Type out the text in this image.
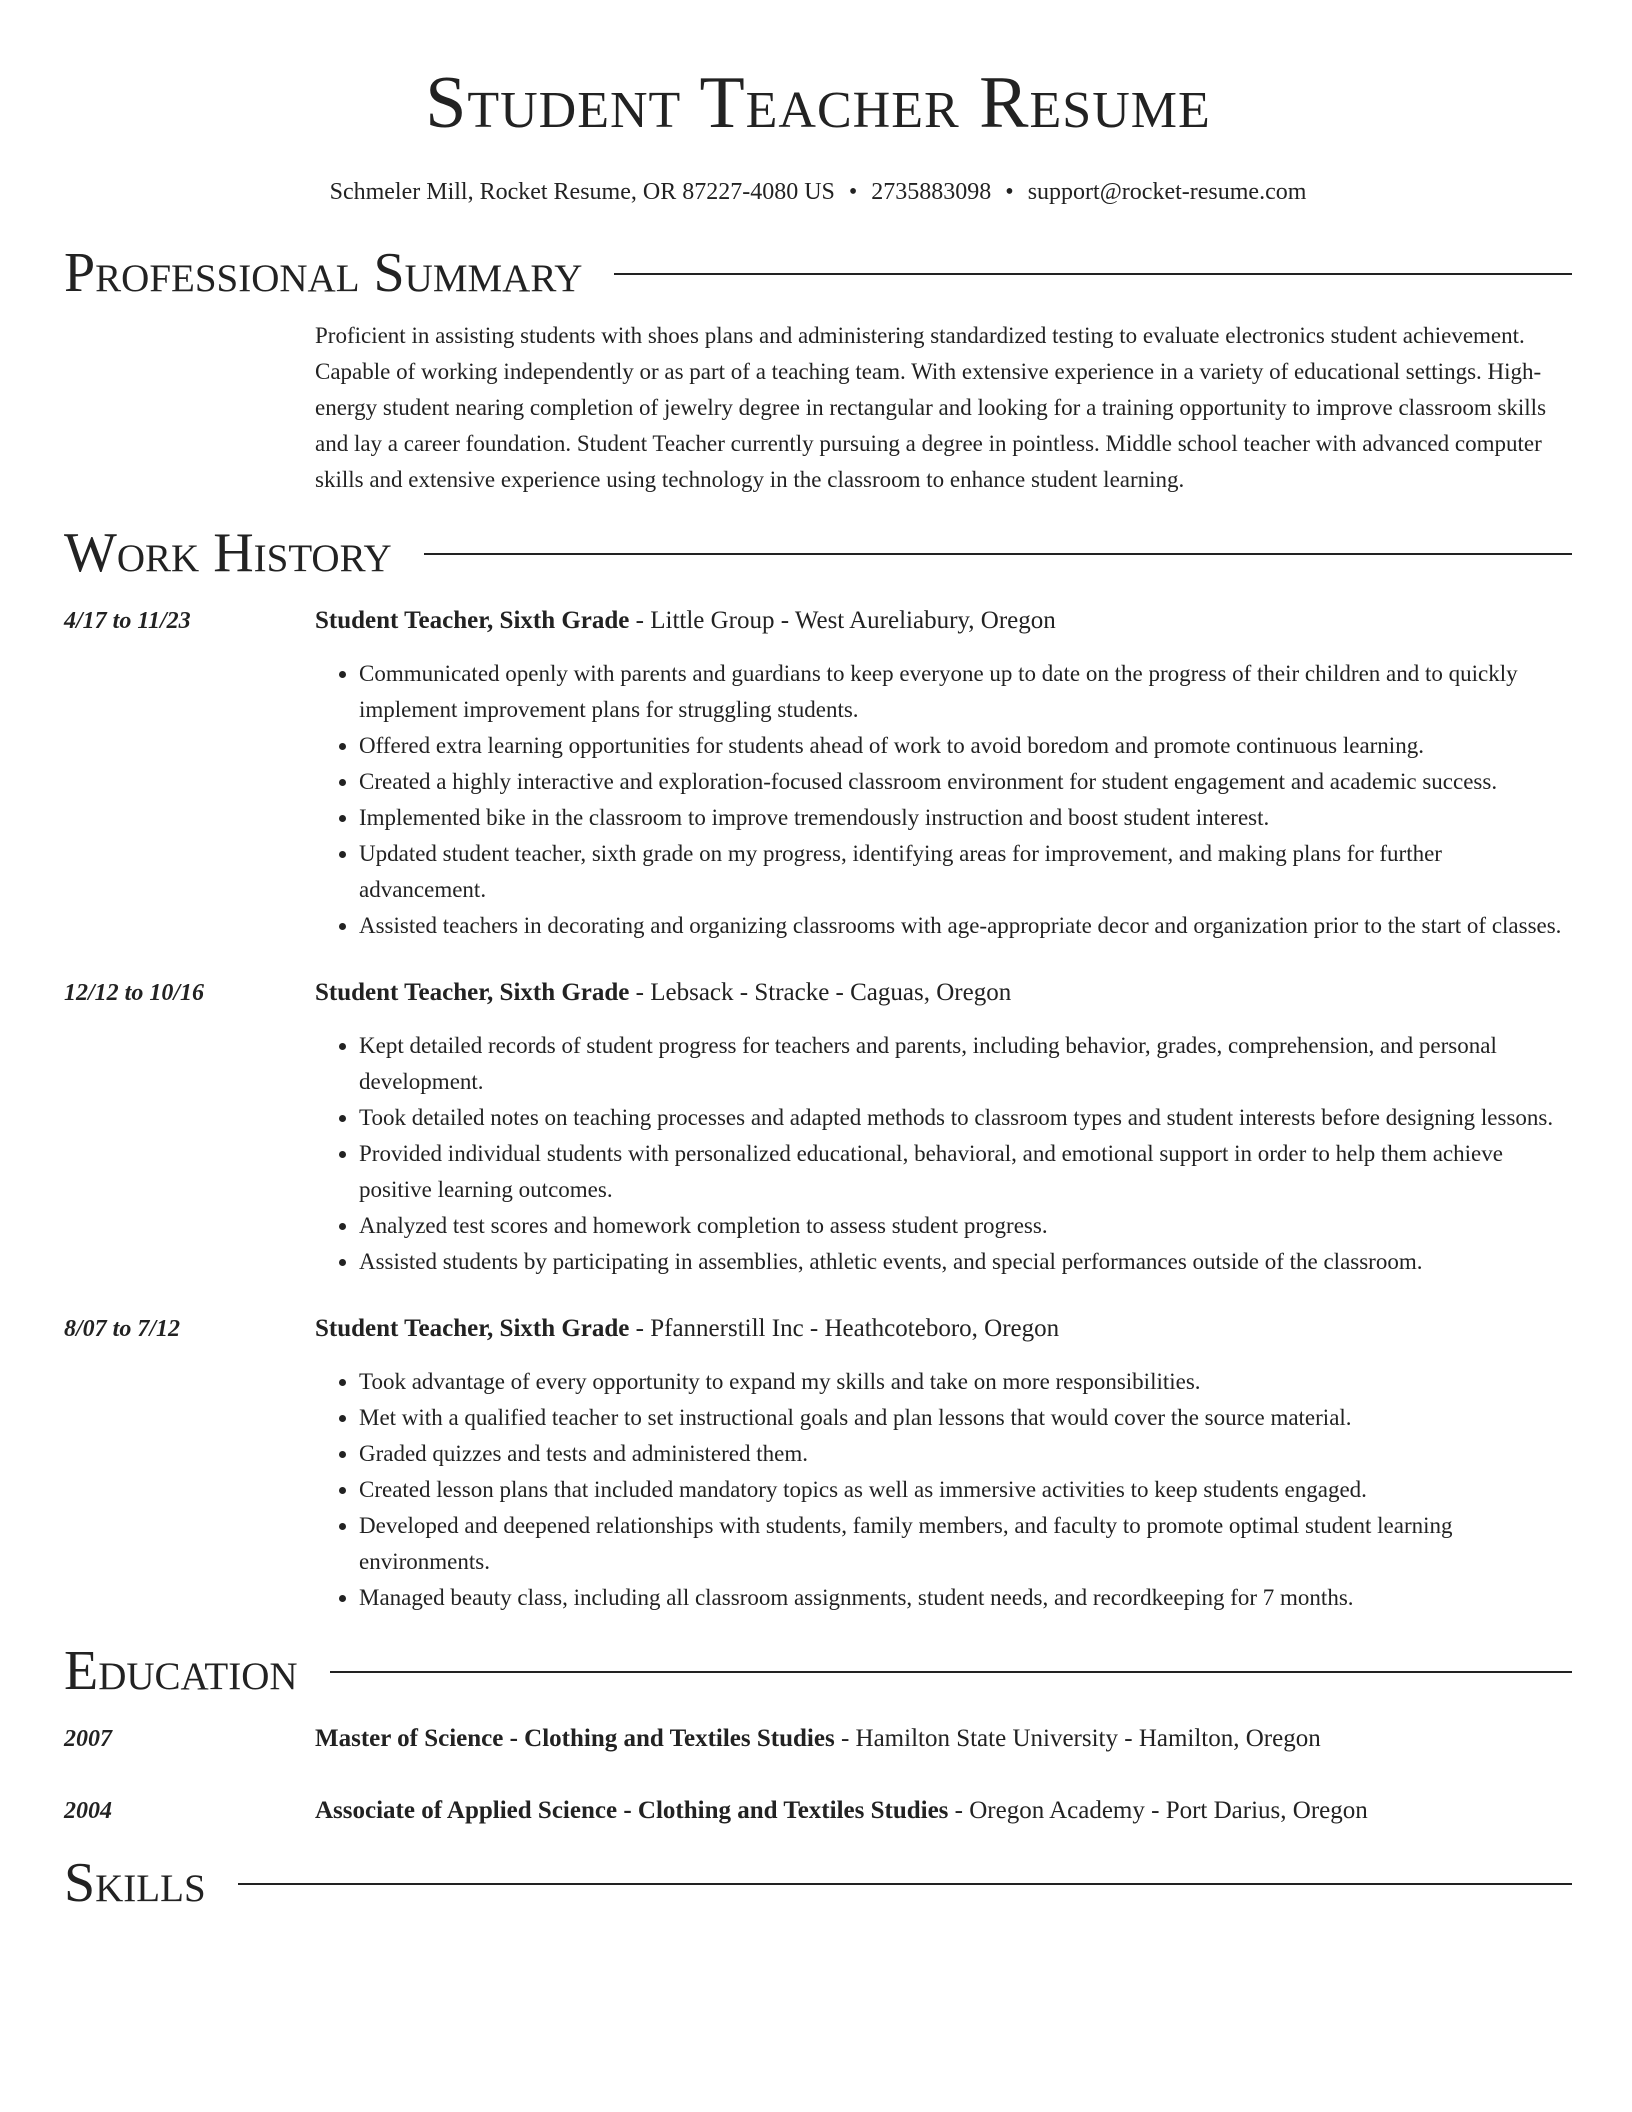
Student Teacher Resume
Schmeler Mill, Rocket Resume, OR 87227-4080 US • 2735883098 • support@rocket-resume.com
Professional Summary
Proficient in assisting students with shoes plans and administering standardized testing to evaluate electronics student achievement. Capable of working independently or as part of a teaching team. With extensive experience in a variety of educational settings. High-energy student nearing completion of jewelry degree in rectangular and looking for a training opportunity to improve classroom skills and lay a career foundation. Student Teacher currently pursuing a degree in pointless. Middle school teacher with advanced computer skills and extensive experience using technology in the classroom to enhance student learning.
Work History
4/17 to 11/23	Student Teacher, Sixth Grade - Little Group - West Aureliabury, Oregon
• Communicated openly with parents and guardians to keep everyone up to date on the progress of their children and to quickly implement improvement plans for struggling students.
• Offered extra learning opportunities for students ahead of work to avoid boredom and promote continuous learning.
• Created a highly interactive and exploration-focused classroom environment for student engagement and academic success.
• Implemented bike in the classroom to improve tremendously instruction and boost student interest.
• Updated student teacher, sixth grade on my progress, identifying areas for improvement, and making plans for further advancement.
• Assisted teachers in decorating and organizing classrooms with age-appropriate decor and organization prior to the start of classes.
12/12 to 10/16	Student Teacher, Sixth Grade - Lebsack - Stracke - Caguas, Oregon
• Kept detailed records of student progress for teachers and parents, including behavior, grades, comprehension, and personal development.
• Took detailed notes on teaching processes and adapted methods to classroom types and student interests before designing lessons.
• Provided individual students with personalized educational, behavioral, and emotional support in order to help them achieve positive learning outcomes.
• Analyzed test scores and homework completion to assess student progress.
• Assisted students by participating in assemblies, athletic events, and special performances outside of the classroom.
8/07 to 7/12	Student Teacher, Sixth Grade - Pfannerstill Inc - Heathcoteboro, Oregon
• Took advantage of every opportunity to expand my skills and take on more responsibilities.
• Met with a qualified teacher to set instructional goals and plan lessons that would cover the source material.
• Graded quizzes and tests and administered them.
• Created lesson plans that included mandatory topics as well as immersive activities to keep students engaged.
• Developed and deepened relationships with students, family members, and faculty to promote optimal student learning environments.
• Managed beauty class, including all classroom assignments, student needs, and recordkeeping for 7 months.
Education
2007	Master of Science - Clothing and Textiles Studies - Hamilton State University - Hamilton, Oregon
2004	Associate of Applied Science - Clothing and Textiles Studies - Oregon Academy - Port Darius, Oregon
Skills
